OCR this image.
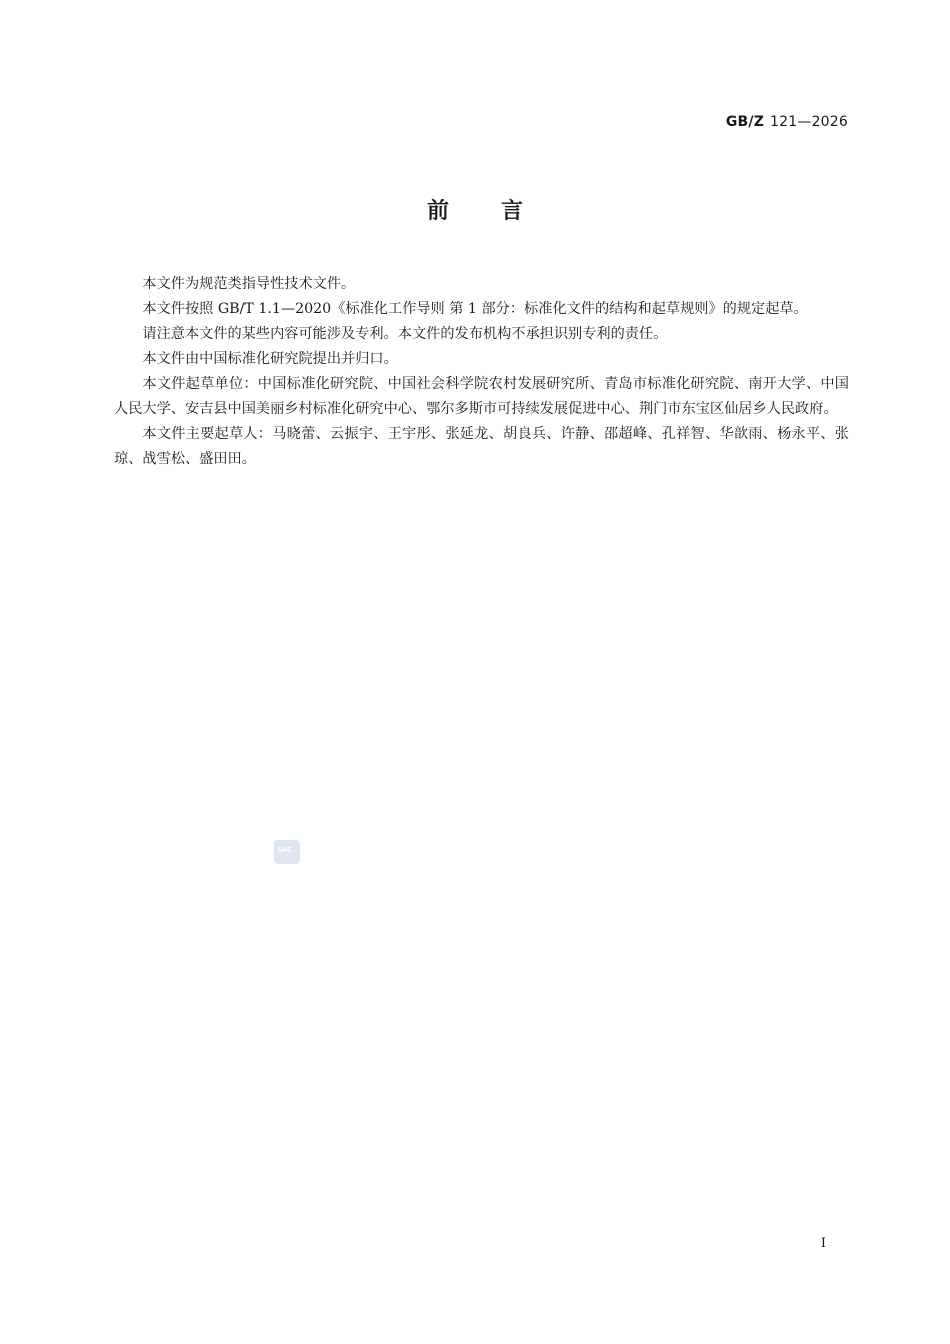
GB/Z 121—2026
前言

本文件为规范类指导性技术文件。

本文件按照 GB/T 1.1—2020《标准化工作导则 第 1 部分：标准化文件的结构和起草规则》的规定起草。

请注意本文件的某些内容可能涉及专利。本文件的发布机构不承担识别专利的责任。

本文件由中国标准化研究院提出并归口。

本文件起草单位：中国标准化研究院、中国社会科学院农村发展研究所、青岛市标准化研究院、南开大学、中国人民大学、安吉县中国美丽乡村标准化研究中心、鄂尔多斯市可持续发展促进中心、荆门市东宝区仙居乡人民政府。

本文件主要起草人：马晓蕾、云振宇、王宇彤、张延龙、胡良兵、许静、邵超峰、孔祥智、华歆雨、杨永平、张琼、战雪松、盛田田。

SAC
I
